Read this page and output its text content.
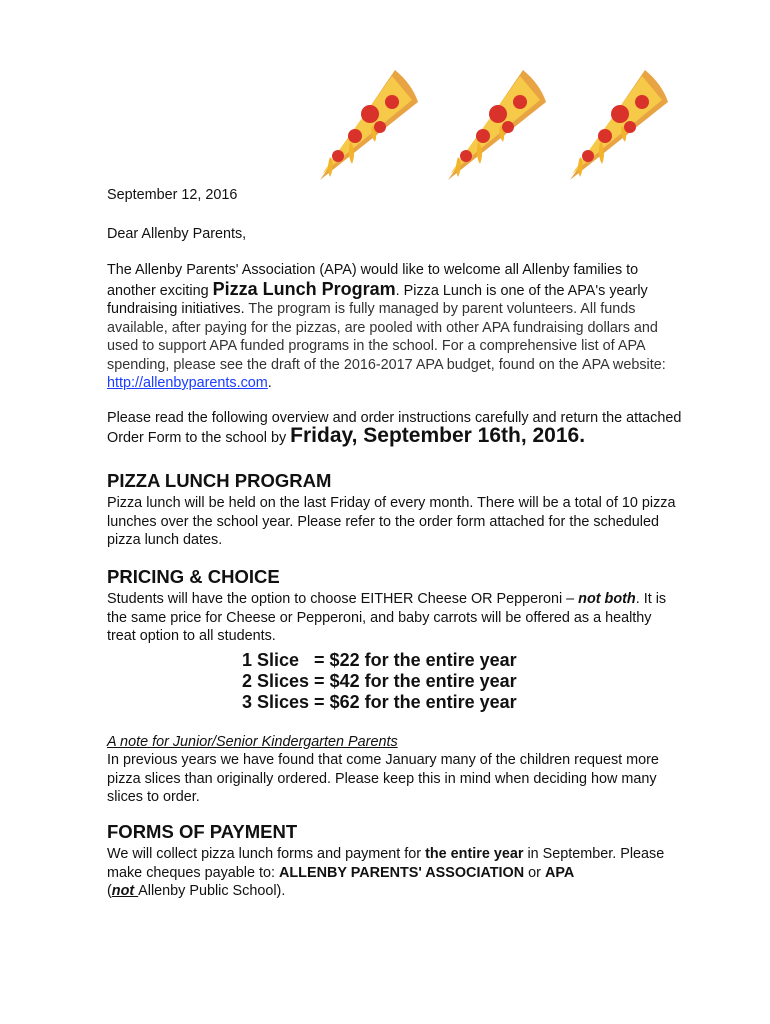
September 12, 2016

Dear Allenby Parents,

The Allenby Parents' Association (APA) would like to welcome all Allenby families to another exciting Pizza Lunch Program. Pizza Lunch is one of the APA's yearly fundraising initiatives. The program is fully managed by parent volunteers. All funds available, after paying for the pizzas, are pooled with other APA fundraising dollars and used to support APA funded programs in the school. For a comprehensive list of APA spending, please see the draft of the 2016-2017 APA budget, found on the APA website: http://allenbyparents.com.

Please read the following overview and order instructions carefully and return the attached Order Form to the school by Friday, September 16th, 2016.

PIZZA LUNCH PROGRAM

Pizza lunch will be held on the last Friday of every month. There will be a total of 10 pizza lunches over the school year. Please refer to the order form attached for the scheduled pizza lunch dates.

PRICING & CHOICE

Students will have the option to choose EITHER Cheese OR Pepperoni – not both. It is the same price for Cheese or Pepperoni, and baby carrots will be offered as a healthy treat option to all students.

1 Slice   = $22 for the entire year
2 Slices = $42 for the entire year
3 Slices = $62 for the entire year

A note for Junior/Senior Kindergarten Parents

In previous years we have found that come January many of the children request more pizza slices than originally ordered. Please keep this in mind when deciding how many slices to order.

FORMS OF PAYMENT

We will collect pizza lunch forms and payment for the entire year in September. Please make cheques payable to: ALLENBY PARENTS' ASSOCIATION or APA
(not Allenby Public School).
